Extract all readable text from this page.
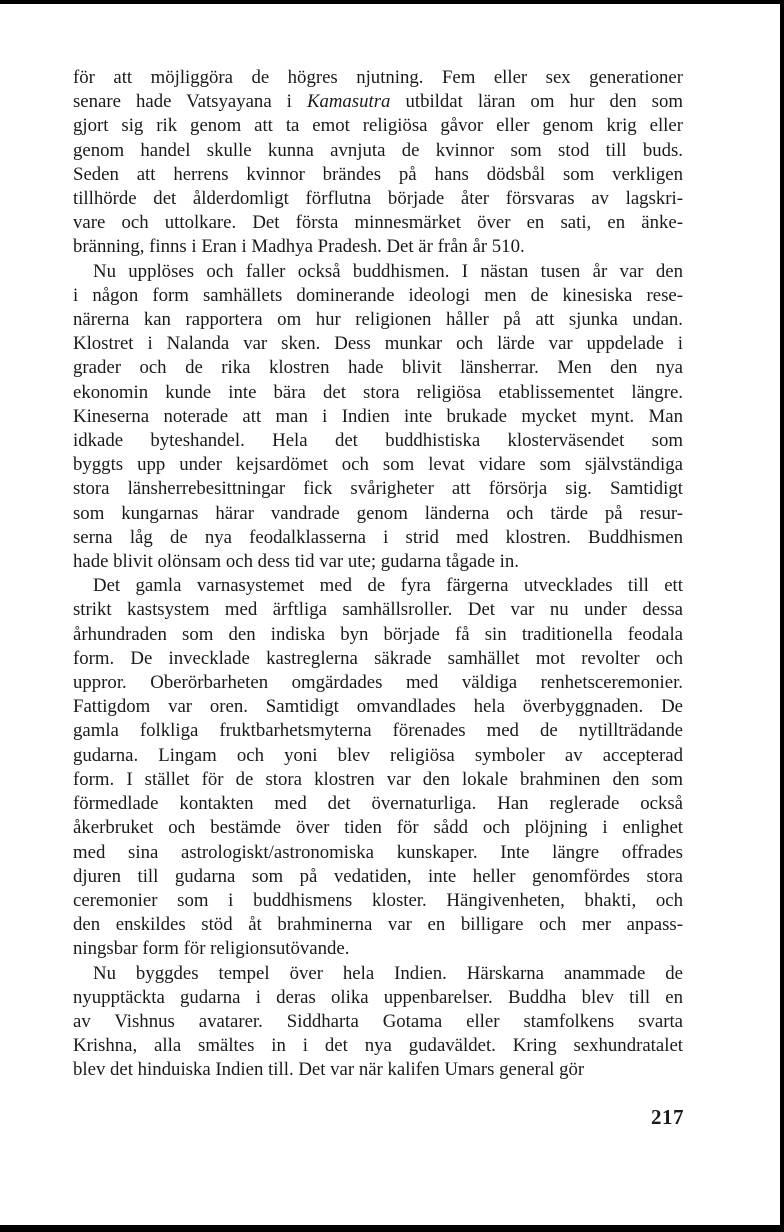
för att möjliggöra de högres njutning. Fem eller sex generationer
senare hade Vatsyayana i Kamasutra utbildat läran om hur den som
gjort sig rik genom att ta emot religiösa gåvor eller genom krig eller
genom handel skulle kunna avnjuta de kvinnor som stod till buds.
Seden att herrens kvinnor brändes på hans dödsbål som verkligen
tillhörde det ålderdomligt förflutna började åter försvaras av lagskri-
vare och uttolkare. Det första minnesmärket över en sati, en änke-
bränning, finns i Eran i Madhya Pradesh. Det är från år 510.

Nu upplöses och faller också buddhismen. I nästan tusen år var den
i någon form samhällets dominerande ideologi men de kinesiska rese-
närerna kan rapportera om hur religionen håller på att sjunka undan.
Klostret i Nalanda var sken. Dess munkar och lärde var uppdelade i
grader och de rika klostren hade blivit länsherrar. Men den nya
ekonomin kunde inte bära det stora religiösa etablissementet längre.
Kineserna noterade att man i Indien inte brukade mycket mynt. Man
idkade byteshandel. Hela det buddhistiska klosterväsendet som
byggts upp under kejsardömet och som levat vidare som självständiga
stora länsherrebesittningar fick svårigheter att försörja sig. Samtidigt
som kungarnas härar vandrade genom länderna och tärde på resur-
serna låg de nya feodalklasserna i strid med klostren. Buddhismen
hade blivit olönsam och dess tid var ute; gudarna tågade in.

Det gamla varnasystemet med de fyra färgerna utvecklades till ett
strikt kastsystem med ärftliga samhällsroller. Det var nu under dessa
århundraden som den indiska byn började få sin traditionella feodala
form. De invecklade kastreglerna säkrade samhället mot revolter och
uppror. Oberörbarheten omgärdades med väldiga renhetsceremonier.
Fattigdom var oren. Samtidigt omvandlades hela överbyggnaden. De
gamla folkliga fruktbarhetsmyterna förenades med de nytillträdande
gudarna. Lingam och yoni blev religiösa symboler av accepterad
form. I stället för de stora klostren var den lokale brahminen den som
förmedlade kontakten med det övernaturliga. Han reglerade också
åkerbruket och bestämde över tiden för sådd och plöjning i enlighet
med sina astrologiskt/astronomiska kunskaper. Inte längre offrades
djuren till gudarna som på vedatiden, inte heller genomfördes stora
ceremonier som i buddhismens kloster. Hängivenheten, bhakti, och
den enskildes stöd åt brahminerna var en billigare och mer anpass-
ningsbar form för religionsutövande.

Nu byggdes tempel över hela Indien. Härskarna anammade de
nyupptäckta gudarna i deras olika uppenbarelser. Buddha blev till en
av Vishnus avatarer. Siddharta Gotama eller stamfolkens svarta
Krishna, alla smältes in i det nya gudaväldet. Kring sexhundratalet
blev det hinduiska Indien till. Det var när kalifen Umars general gör

217
